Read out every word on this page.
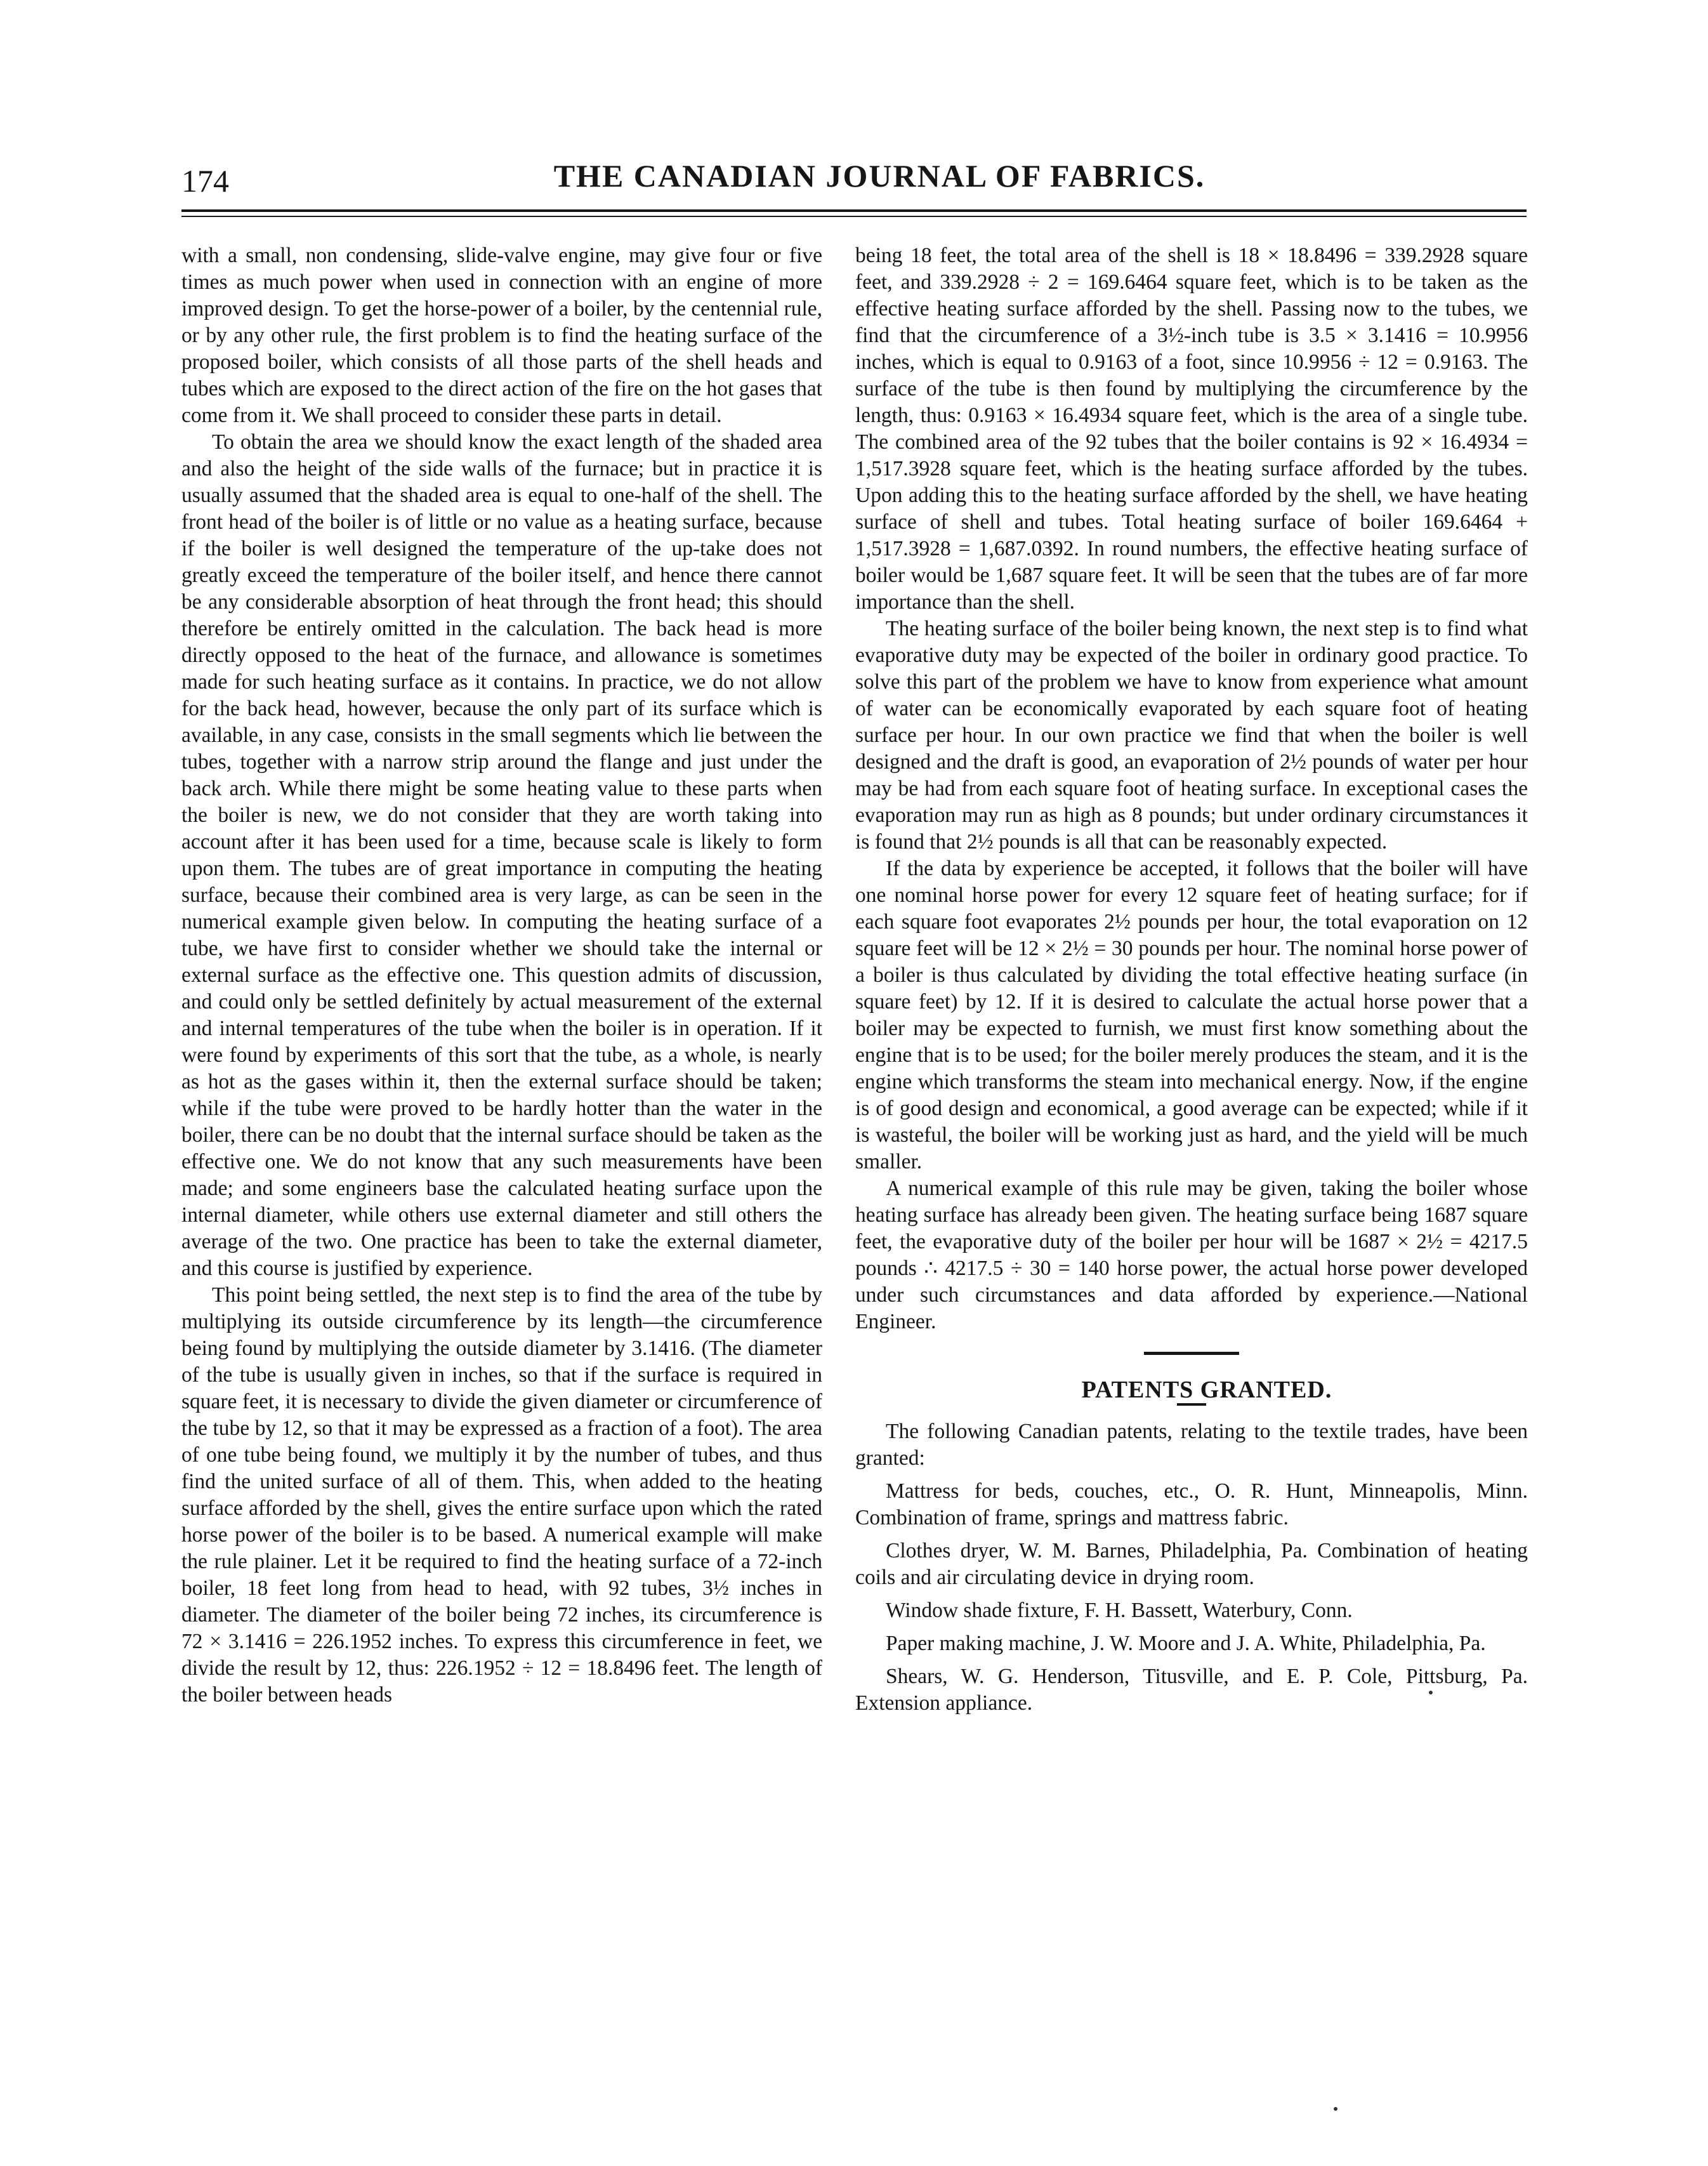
174	THE CANADIAN JOURNAL OF FABRICS.

with a small, non condensing, slide-valve engine, may give four or five times as much power when used in connection with an engine of more improved design. To get the horse-power of a boiler, by the centennial rule, or by any other rule, the first problem is to find the heating surface of the proposed boiler, which consists of all those parts of the shell heads and tubes which are exposed to the direct action of the fire on the hot gases that come from it. We shall proceed to consider these parts in detail.

To obtain the area we should know the exact length of the shaded area and also the height of the side walls of the furnace; but in practice it is usually assumed that the shaded area is equal to one-half of the shell. The front head of the boiler is of little or no value as a heating surface, because if the boiler is well designed the temperature of the up-take does not greatly exceed the temperature of the boiler itself, and hence there cannot be any considerable absorption of heat through the front head; this should therefore be entirely omitted in the calculation. The back head is more directly opposed to the heat of the furnace, and allowance is sometimes made for such heating surface as it contains. In practice, we do not allow for the back head, however, because the only part of its surface which is available, in any case, consists in the small segments which lie between the tubes, together with a narrow strip around the flange and just under the back arch. While there might be some heating value to these parts when the boiler is new, we do not consider that they are worth taking into account after it has been used for a time, because scale is likely to form upon them. The tubes are of great importance in computing the heating surface, because their combined area is very large, as can be seen in the numerical example given below. In computing the heating surface of a tube, we have first to consider whether we should take the internal or external surface as the effective one. This question admits of discussion, and could only be settled definitely by actual measurement of the external and internal temperatures of the tube when the boiler is in operation. If it were found by experiments of this sort that the tube, as a whole, is nearly as hot as the gases within it, then the external surface should be taken; while if the tube were proved to be hardly hotter than the water in the boiler, there can be no doubt that the internal surface should be taken as the effective one. We do not know that any such measurements have been made; and some engineers base the calculated heating surface upon the internal diameter, while others use external diameter and still others the average of the two. One practice has been to take the external diameter, and this course is justified by experience.

This point being settled, the next step is to find the area of the tube by multiplying its outside circumference by its length—the circumference being found by multiplying the outside diameter by 3.1416. (The diameter of the tube is usually given in inches, so that if the surface is required in square feet, it is necessary to divide the given diameter or circumference of the tube by 12, so that it may be expressed as a fraction of a foot). The area of one tube being found, we multiply it by the number of tubes, and thus find the united surface of all of them. This, when added to the heating surface afforded by the shell, gives the entire surface upon which the rated horse power of the boiler is to be based. A numerical example will make the rule plainer. Let it be required to find the heating surface of a 72-inch boiler, 18 feet long from head to head, with 92 tubes, 3½ inches in diameter. The diameter of the boiler being 72 inches, its circumference is 72 × 3.1416 = 226.1952 inches. To express this circumference in feet, we divide the result by 12, thus: 226.1952 ÷ 12 = 18.8496 feet. The length of the boiler between heads

being 18 feet, the total area of the shell is 18 × 18.8496 = 339.2928 square feet, and 339.2928 ÷ 2 = 169.6464 square feet, which is to be taken as the effective heating surface afforded by the shell. Passing now to the tubes, we find that the circumference of a 3½-inch tube is 3.5 × 3.1416 = 10.9956 inches, which is equal to 0.9163 of a foot, since 10.9956 ÷ 12 = 0.9163. The surface of the tube is then found by multiplying the circumference by the length, thus: 0.9163 × 16.4934 square feet, which is the area of a single tube. The combined area of the 92 tubes that the boiler contains is 92 × 16.4934 = 1,517.3928 square feet, which is the heating surface afforded by the tubes. Upon adding this to the heating surface afforded by the shell, we have heating surface of shell and tubes. Total heating surface of boiler 169.6464 + 1,517.3928 = 1,687.0392. In round numbers, the effective heating surface of boiler would be 1,687 square feet. It will be seen that the tubes are of far more importance than the shell.

The heating surface of the boiler being known, the next step is to find what evaporative duty may be expected of the boiler in ordinary good practice. To solve this part of the problem we have to know from experience what amount of water can be economically evaporated by each square foot of heating surface per hour. In our own practice we find that when the boiler is well designed and the draft is good, an evaporation of 2½ pounds of water per hour may be had from each square foot of heating surface. In exceptional cases the evaporation may run as high as 8 pounds; but under ordinary circumstances it is found that 2½ pounds is all that can be reasonably expected.

If the data by experience be accepted, it follows that the boiler will have one nominal horse power for every 12 square feet of heating surface; for if each square foot evaporates 2½ pounds per hour, the total evaporation on 12 square feet will be 12 × 2½ = 30 pounds per hour. The nominal horse power of a boiler is thus calculated by dividing the total effective heating surface (in square feet) by 12. If it is desired to calculate the actual horse power that a boiler may be expected to furnish, we must first know something about the engine that is to be used; for the boiler merely produces the steam, and it is the engine which transforms the steam into mechanical energy. Now, if the engine is of good design and economical, a good average can be expected; while if it is wasteful, the boiler will be working just as hard, and the yield will be much smaller.

A numerical example of this rule may be given, taking the boiler whose heating surface has already been given. The heating surface being 1687 square feet, the evaporative duty of the boiler per hour will be 1687 × 2½ = 4217.5 pounds ∴ 4217.5 ÷ 30 = 140 horse power, the actual horse power developed under such circumstances and data afforded by experience.—National Engineer.

PATENTS GRANTED.

The following Canadian patents, relating to the textile trades, have been granted:

Mattress for beds, couches, etc., O. R. Hunt, Minneapolis, Minn. Combination of frame, springs and mattress fabric.

Clothes dryer, W. M. Barnes, Philadelphia, Pa. Combination of heating coils and air circulating device in drying room.

Window shade fixture, F. H. Bassett, Waterbury, Conn.

Paper making machine, J. W. Moore and J. A. White, Philadelphia, Pa.

Shears, W. G. Henderson, Titusville, and E. P. Cole, Pittsburg, Pa. Extension appliance.
